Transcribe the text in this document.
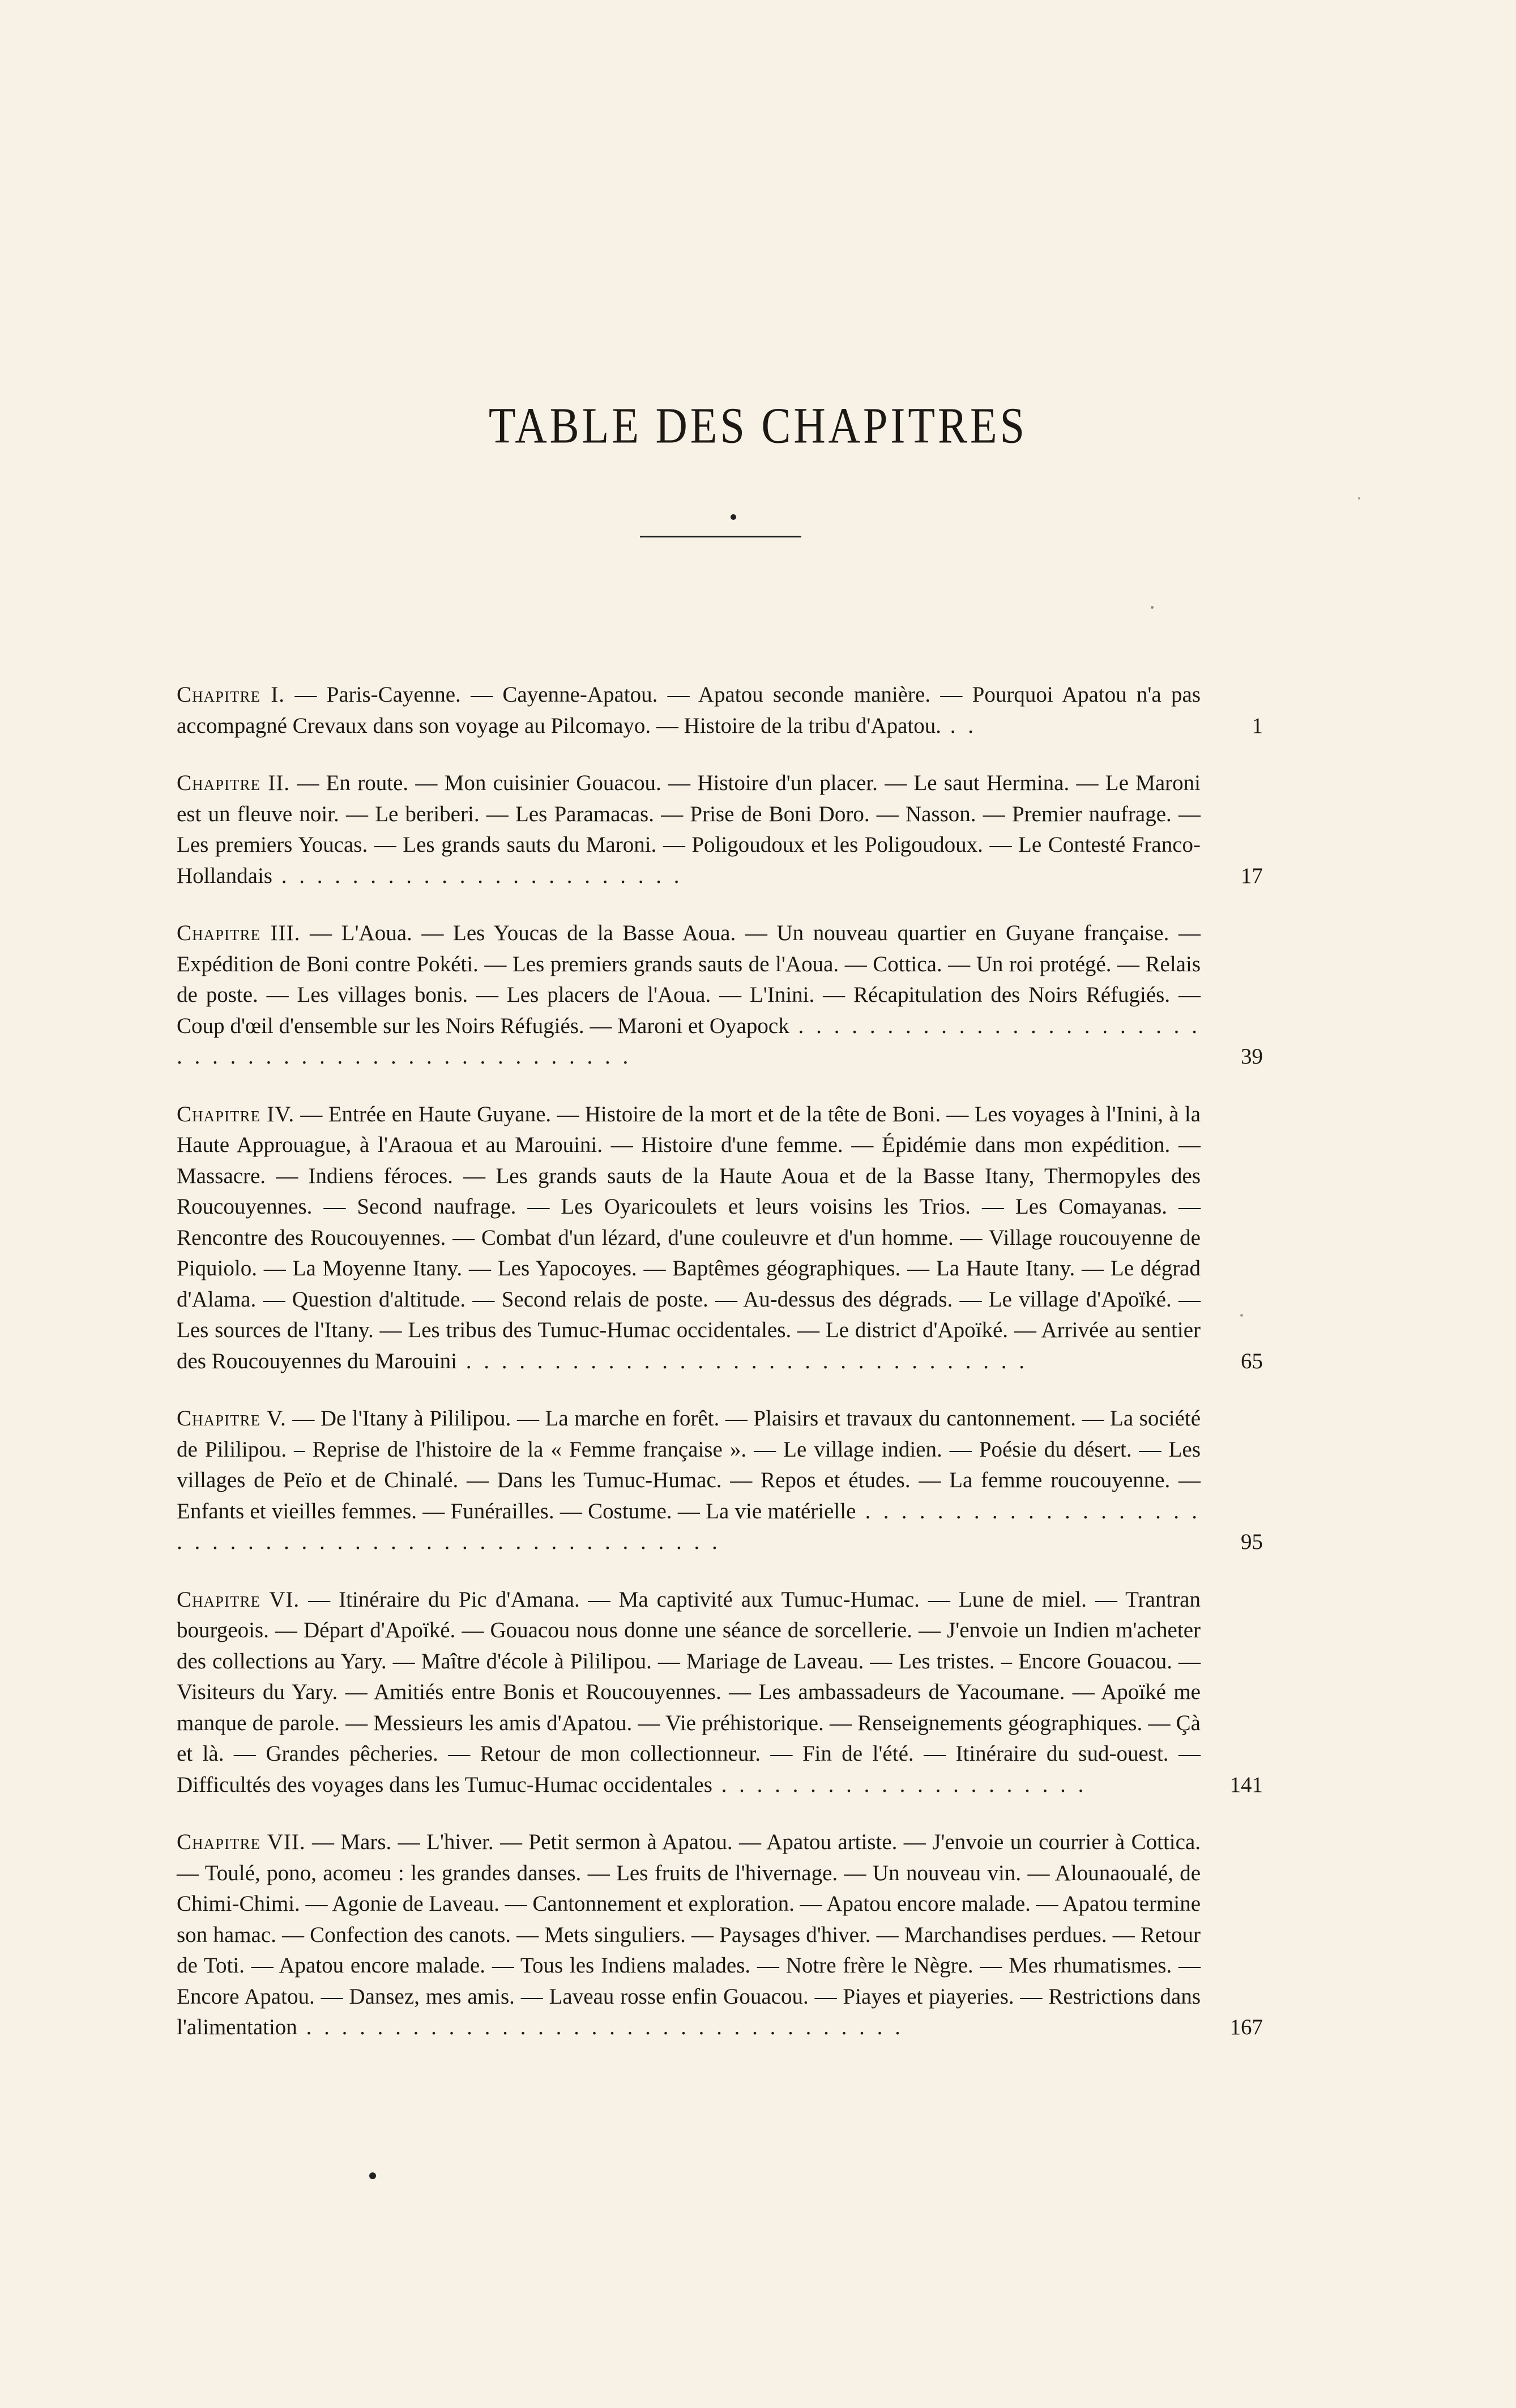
TABLE DES CHAPITRES
Chapitre I. — Paris-Cayenne. — Cayenne-Apatou. — Apatou seconde manière. — Pourquoi Apatou n'a pas accompagné Crevaux dans son voyage au Pilcomayo. — Histoire de la tribu d'Apatou. . .	1
Chapitre II. — En route. — Mon cuisinier Gouacou. — Histoire d'un placer. — Le saut Hermina. — Le Maroni est un fleuve noir. — Le beriberi. — Les Paramacas. — Prise de Boni Doro. — Nasson. — Premier naufrage. — Les premiers Youcas. — Les grands sauts du Maroni. — Poligoudoux et les Poligoudoux. — Le Contesté Franco-Hollandais . . . . . . . . . . . . . . . . . . . . . . .	17
Chapitre III. — L'Aoua. — Les Youcas de la Basse Aoua. — Un nouveau quartier en Guyane française. — Expédition de Boni contre Pokéti. — Les premiers grands sauts de l'Aoua. — Cottica. — Un roi protégé. — Relais de poste. — Les villages bonis. — Les placers de l'Aoua. — L'Inini. — Récapitulation des Noirs Réfugiés. — Coup d'œil d'ensemble sur les Noirs Réfugiés. — Maroni et Oyapock . . . . . . . . . . . . . . . . . . . . . . . . . . . . . . . . . . . . . . . . . . . . . . . . .	39
Chapitre IV. — Entrée en Haute Guyane. — Histoire de la mort et de la tête de Boni. — Les voyages à l'Inini, à la Haute Approuague, à l'Araoua et au Marouini. — Histoire d'une femme. — Épidémie dans mon expédition. — Massacre. — Indiens féroces. — Les grands sauts de la Haute Aoua et de la Basse Itany, Thermopyles des Roucouyennes. — Second naufrage. — Les Oyaricoulets et leurs voisins les Trios. — Les Comayanas. — Rencontre des Roucouyennes. — Combat d'un lézard, d'une couleuvre et d'un homme. — Village roucouyenne de Piquiolo. — La Moyenne Itany. — Les Yapocoyes. — Baptêmes géographiques. — La Haute Itany. — Le dégrad d'Alama. — Question d'altitude. — Second relais de poste. — Au-dessus des dégrads. — Le village d'Apoïké. — Les sources de l'Itany. — Les tribus des Tumuc-Humac occidentales. — Le district d'Apoïké. — Arrivée au sentier des Roucouyennes du Marouini . . . . . . . . . . . . . . . . . . . . . . . . . . . . . . . .	65
Chapitre V. — De l'Itany à Pililipou. — La marche en forêt. — Plaisirs et travaux du cantonnement. — La société de Pililipou. – Reprise de l'histoire de la « Femme française ». — Le village indien. — Poésie du désert. — Les villages de Peïo et de Chinalé. — Dans les Tumuc-Humac. — Repos et études. — La femme roucouyenne. — Enfants et vieilles femmes. — Funérailles. — Costume. — La vie matérielle . . . . . . . . . . . . . . . . . . . . . . . . . . . . . . . . . . . . . . . . . . . . . . . . . .	95
Chapitre VI. — Itinéraire du Pic d'Amana. — Ma captivité aux Tumuc-Humac. — Lune de miel. — Trantran bourgeois. — Départ d'Apoïké. — Gouacou nous donne une séance de sorcellerie. — J'envoie un Indien m'acheter des collections au Yary. — Maître d'école à Pililipou. — Mariage de Laveau. — Les tristes. – Encore Gouacou. — Visiteurs du Yary. — Amitiés entre Bonis et Roucouyennes. — Les ambassadeurs de Yacoumane. — Apoïké me manque de parole. — Messieurs les amis d'Apatou. — Vie préhistorique. — Renseignements géographiques. — Çà et là. — Grandes pêcheries. — Retour de mon collectionneur. — Fin de l'été. — Itinéraire du sud-ouest. — Difficultés des voyages dans les Tumuc-Humac occidentales . . . . . . . . . . . . . . . . . . . . .	141
Chapitre VII. — Mars. — L'hiver. — Petit sermon à Apatou. — Apatou artiste. — J'envoie un courrier à Cottica. — Toulé, pono, acomeu : les grandes danses. — Les fruits de l'hivernage. — Un nouveau vin. — Alounaoualé, de Chimi-Chimi. — Agonie de Laveau. — Cantonnement et exploration. — Apatou encore malade. — Apatou termine son hamac. — Confection des canots. — Mets singuliers. — Paysages d'hiver. — Marchandises perdues. — Retour de Toti. — Apatou encore malade. — Tous les Indiens malades. — Notre frère le Nègre. — Mes rhumatismes. — Encore Apatou. — Dansez, mes amis. — Laveau rosse enfin Gouacou. — Piayes et piayeries. — Restrictions dans l'alimentation . . . . . . . . . . . . . . . . . . . . . . . . . . . . . . . . . .	167
